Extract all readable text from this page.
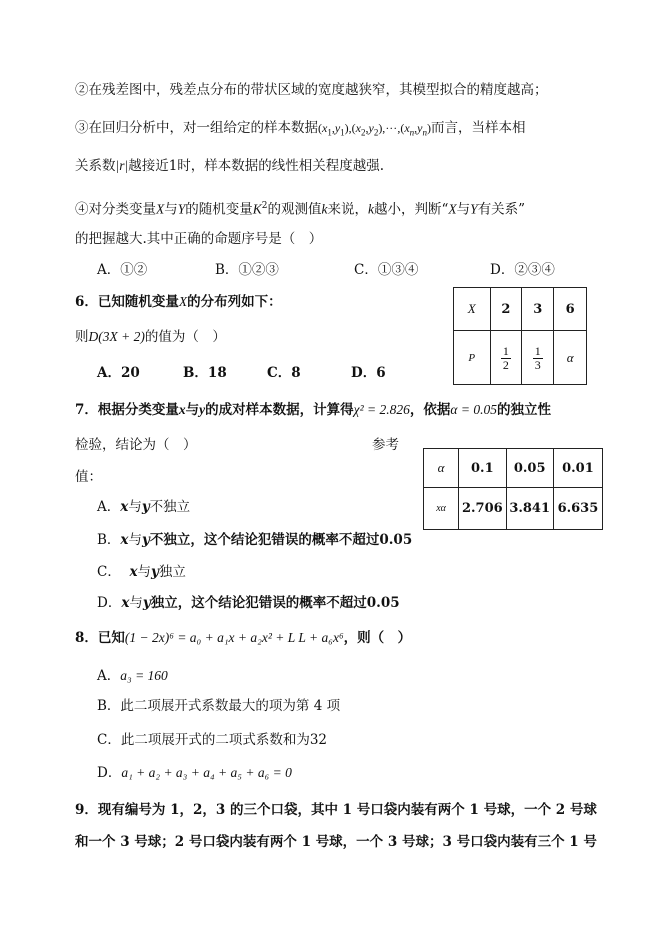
②在残差图中，残差点分布的带状区域的宽度越狭窄，其模型拟合的精度越高；
③在回归分析中，对一组给定的样本数据$(x_1,y_1),(x_2,y_2),\cdot\cdot\cdot,(x_n,y_n)$而言，当样本相
关系数|r|越接近1时，样本数据的线性相关程度越强.
④对分类变量X与Y的随机变量$K^2$的观测值k来说，k越小，判断“X与Y有关系”
的把握越大.其中正确的命题序号是（　）
A．①②	B．①②③	C．①③④	D．②③④
6．已知随机变量X的分布列如下：
则D(3X + 2)的值为（　）
A．20	B．18	C．8	D．6
X	2	3	6
P	$\frac{1}{2}$	$\frac{1}{3}$	α
7．根据分类变量x与y的成对样本数据，计算得χ² = 2.826，依据α = 0.05的独立性
检验，结论为（　）	参考
值：
α	0.1	0.05	0.01
xα	2.706	3.841	6.635
A．x与y不独立
B．x与y不独立，这个结论犯错误的概率不超过0.05
C． x与y独立
D．x与y独立，这个结论犯错误的概率不超过0.05
8．已知(1 − 2x)⁶ = a₀ + a₁x + a₂x² + L L + a₆x⁶，则（　）
A．a₃ = 160
B．此二项展开式系数最大的项为第 4 项
C．此二项展开式的二项式系数和为32
D．a₁ + a₂ + a₃ + a₄ + a₅ + a₆ = 0
9．现有编号为 1，2，3 的三个口袋，其中 1 号口袋内装有两个 1 号球，一个 2 号球
和一个 3 号球；2 号口袋内装有两个 1 号球，一个 3 号球；3 号口袋内装有三个 1 号
